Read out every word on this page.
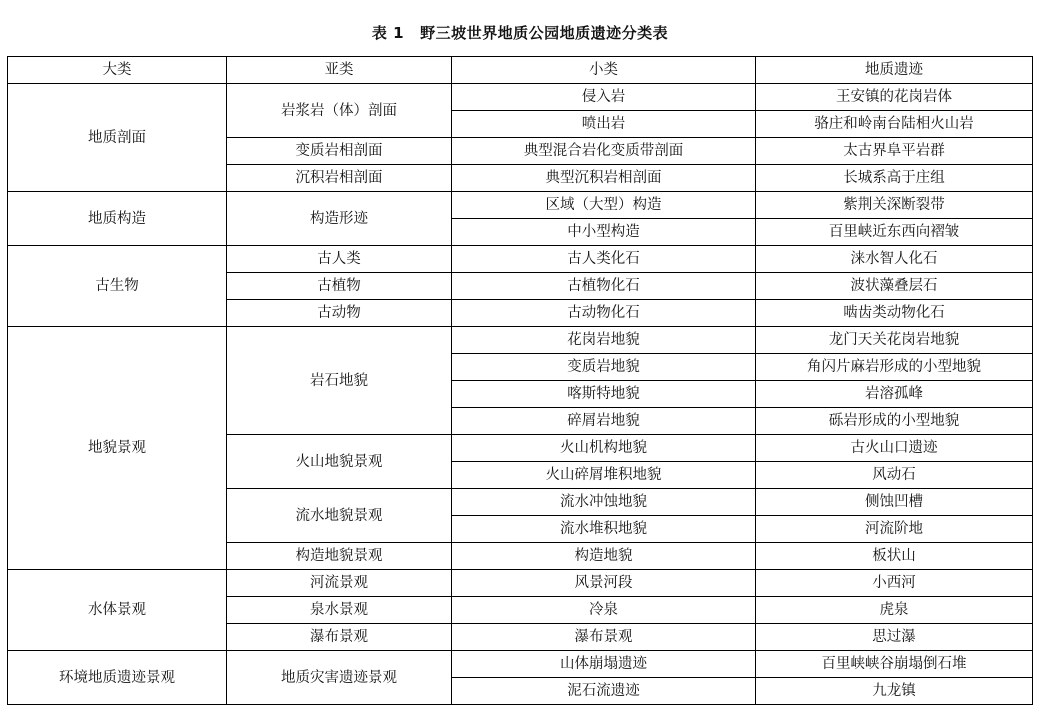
表 1 野三坡世界地质公园地质遗迹分类表
大类	亚类	小类	地质遗迹
地质剖面	岩浆岩（体）剖面	侵入岩	王安镇的花岗岩体
		喷出岩	骆庄和岭南台陆相火山岩
	变质岩相剖面	典型混合岩化变质带剖面	太古界阜平岩群
	沉积岩相剖面	典型沉积岩相剖面	长城系高于庄组
地质构造	构造形迹	区域（大型）构造	紫荆关深断裂带
		中小型构造	百里峡近东西向褶皱
古生物	古人类	古人类化石	涞水智人化石
	古植物	古植物化石	波状藻叠层石
	古动物	古动物化石	啮齿类动物化石
地貌景观	岩石地貌	花岗岩地貌	龙门天关花岗岩地貌
		变质岩地貌	角闪片麻岩形成的小型地貌
		喀斯特地貌	岩溶孤峰
		碎屑岩地貌	砾岩形成的小型地貌
	火山地貌景观	火山机构地貌	古火山口遗迹
		火山碎屑堆积地貌	风动石
	流水地貌景观	流水冲蚀地貌	侧蚀凹槽
		流水堆积地貌	河流阶地
	构造地貌景观	构造地貌	板状山
水体景观	河流景观	风景河段	小西河
	泉水景观	冷泉	虎泉
	瀑布景观	瀑布景观	思过瀑
环境地质遗迹景观	地质灾害遗迹景观	山体崩塌遗迹	百里峡峡谷崩塌倒石堆
		泥石流遗迹	九龙镇
